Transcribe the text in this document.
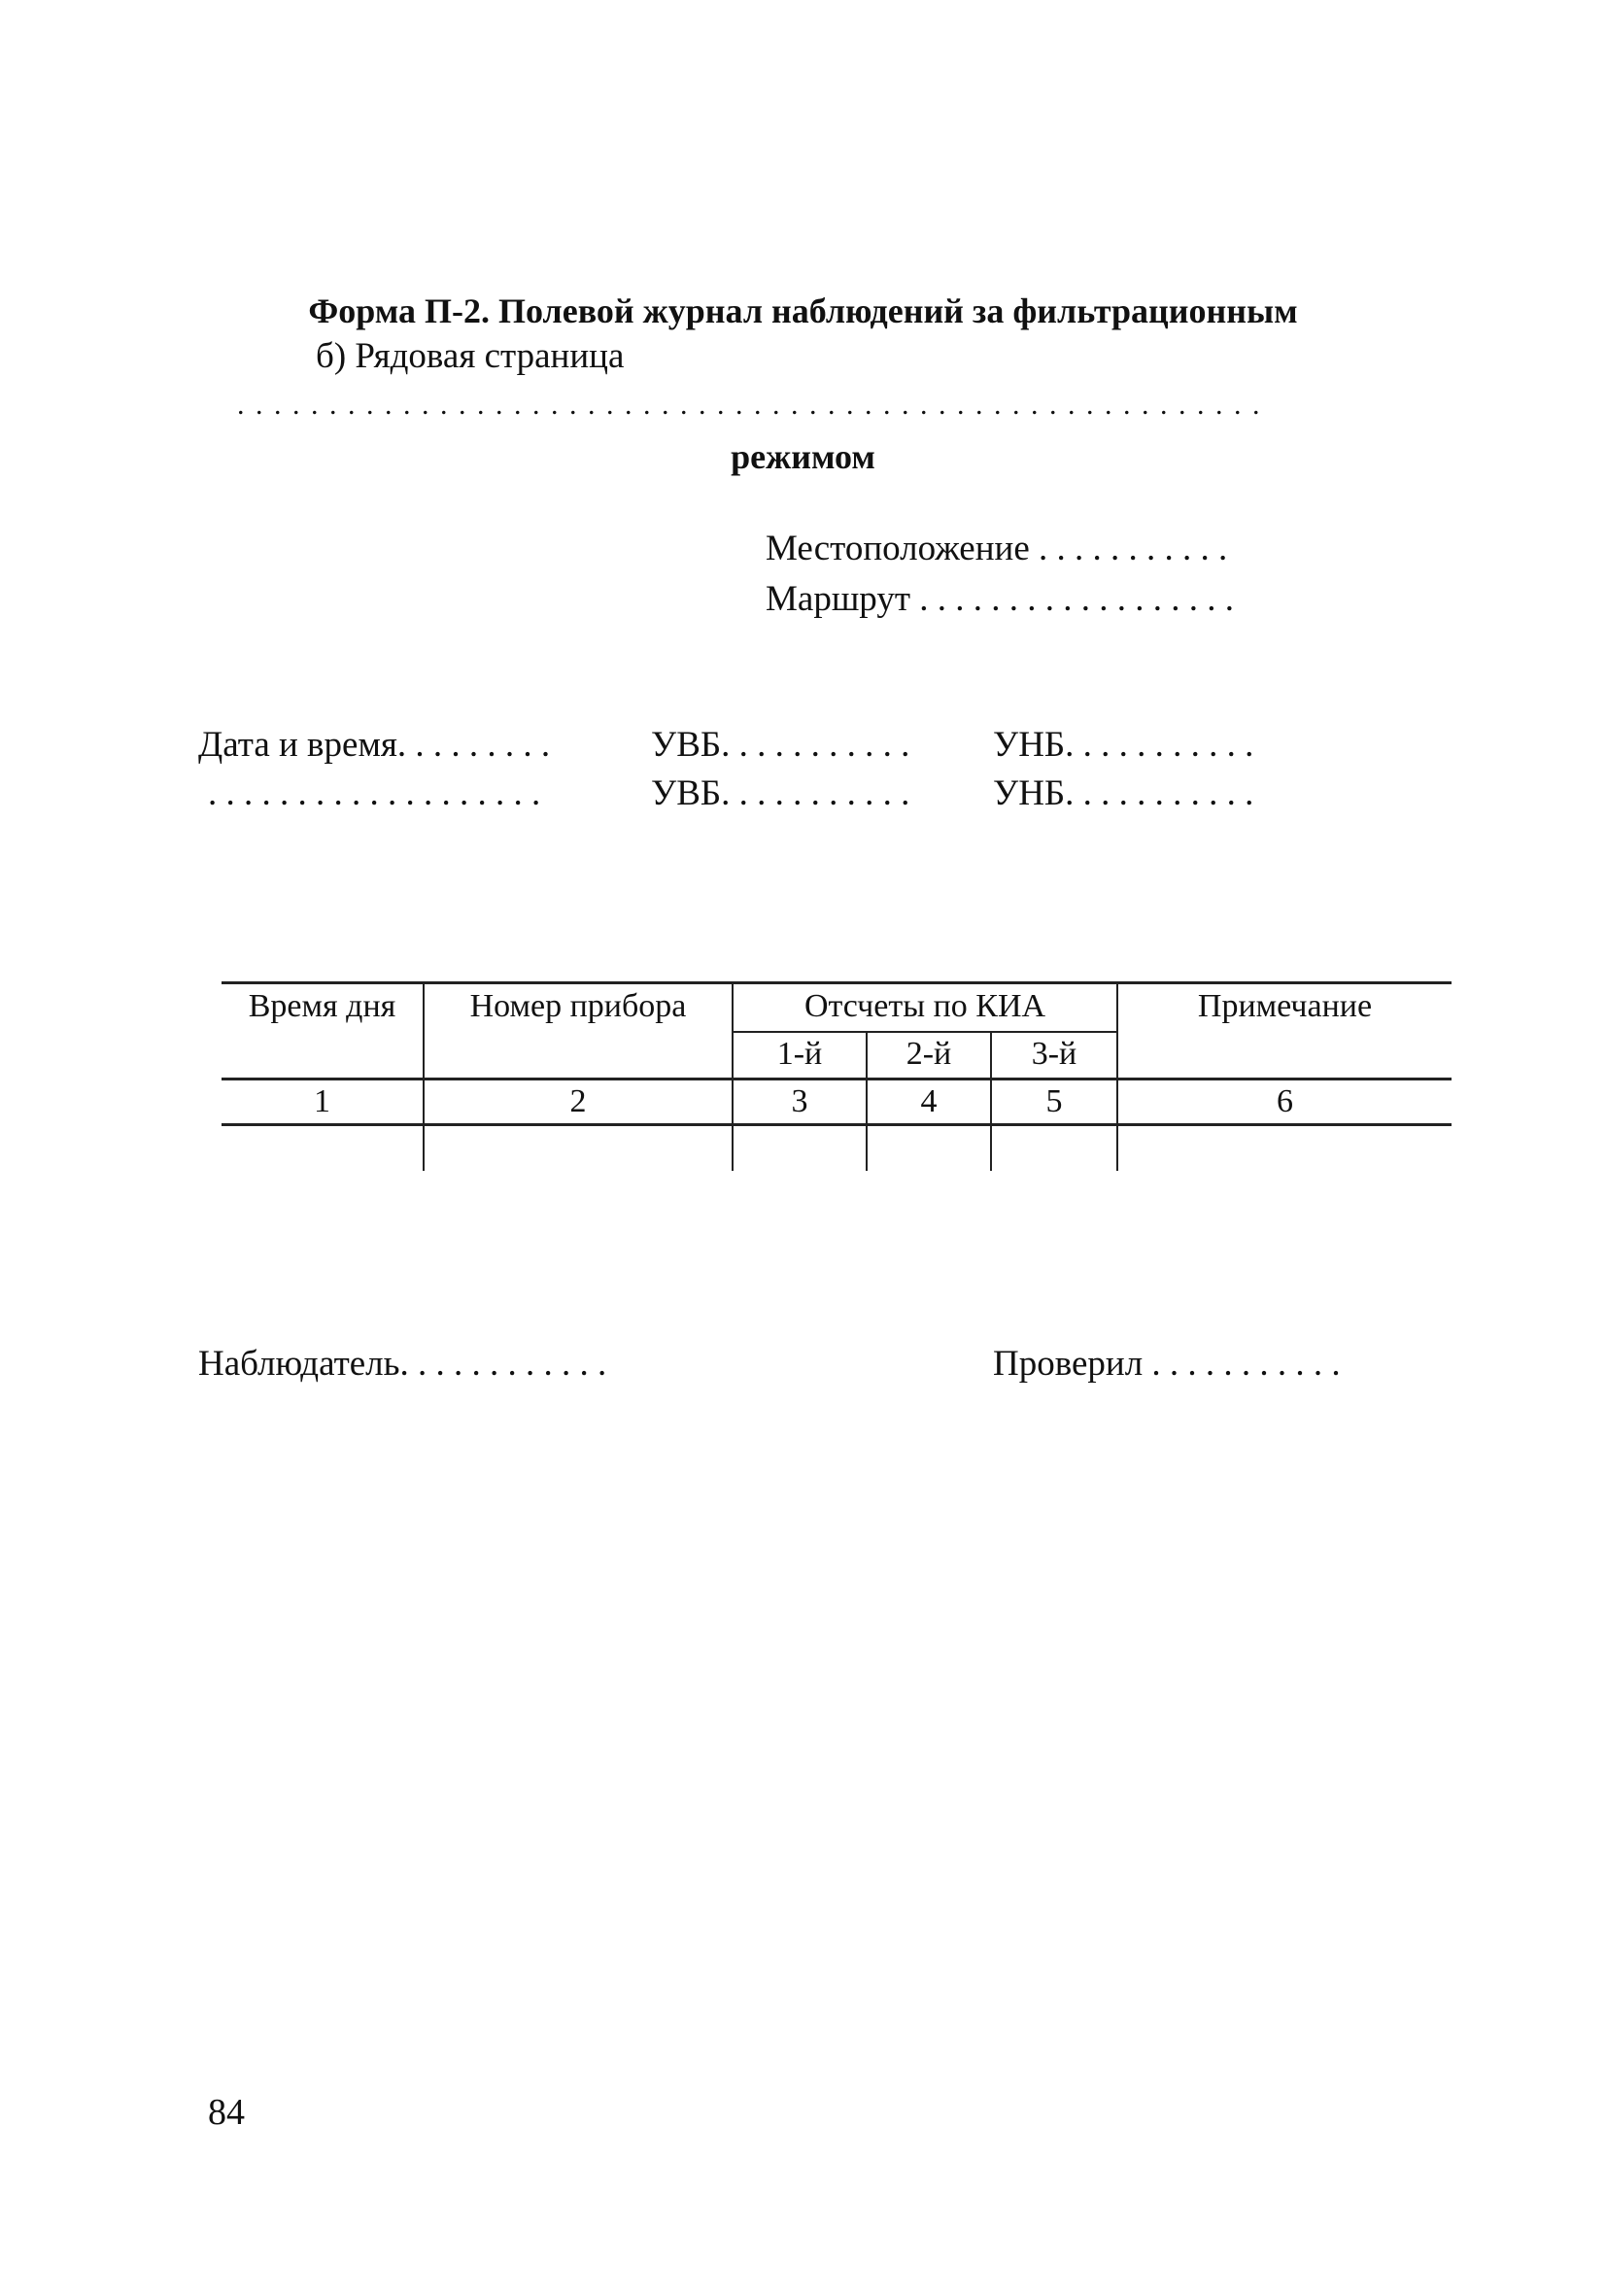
Форма П-2. Полевой журнал наблюдений за фильтрационным

режимом

б) Рядовая страница
. . . . . . . . . . . . . . . . . . . . . . . . . . . . . . . . . . . . . . . . . . . . . . . . . . . . . . . .
Местоположение . . . . . . . . . . .
Маршрут . . . . . . . . . . . . . . . . . .
Дата и время. . . . . . . . .	УВБ. . . . . . . . . . . УНБ. . . . . . . . . . .
. . . . . . . . . . . . . . . . . . .	УВБ. . . . . . . . . . . УНБ. . . . . . . . . . .
Время дня	Номер прибора	Отсчеты по КИА			Примечание
		1-й	2-й	3-й	
1	2	3	4	5	6

Наблюдатель. . . . . . . . . . . .	Проверил . . . . . . . . . . .
84
